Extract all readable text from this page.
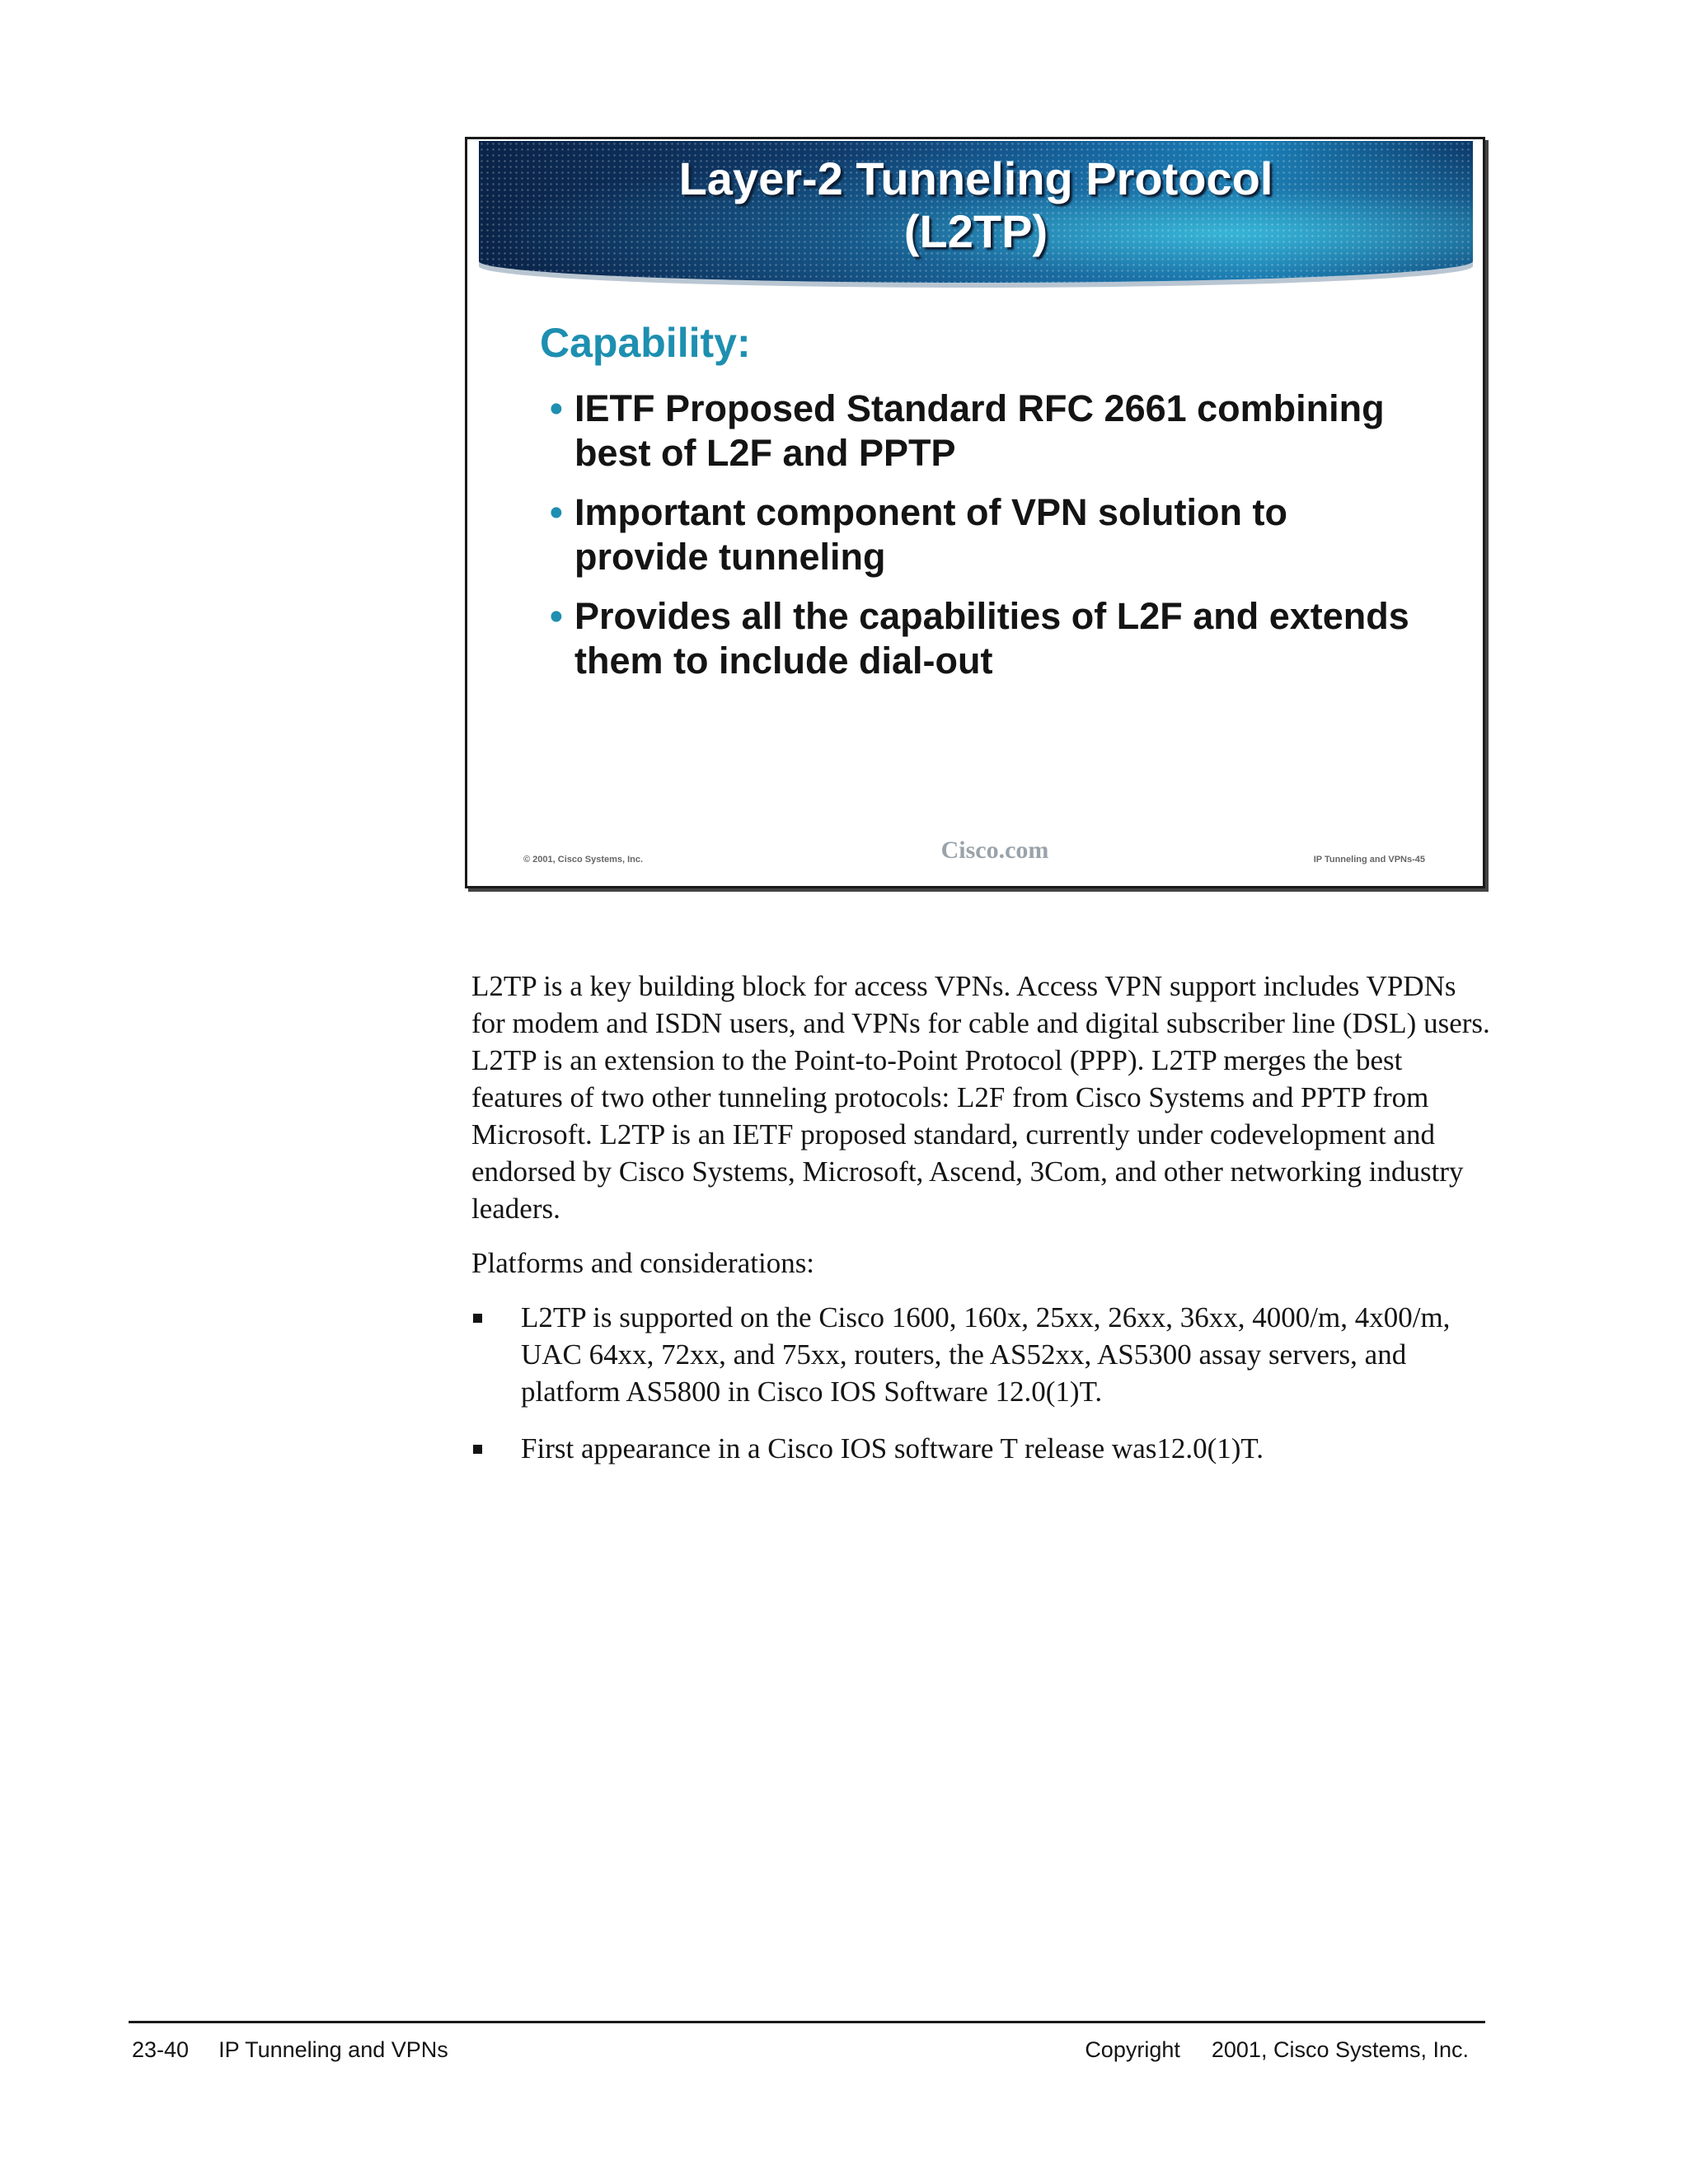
Layer-2 Tunneling Protocol
(L2TP)
Capability:
• IETF Proposed Standard RFC 2661 combining best of L2F and PPTP
• Important component of VPN solution to provide tunneling
• Provides all the capabilities of L2F and extends them to include dial-out
© 2001, Cisco Systems, Inc.	Cisco.com	IP Tunneling and VPNs-45

L2TP is a key building block for access VPNs. Access VPN support includes VPDNs for modem and ISDN users, and VPNs for cable and digital subscriber line (DSL) users. L2TP is an extension to the Point-to-Point Protocol (PPP). L2TP merges the best features of two other tunneling protocols: L2F from Cisco Systems and PPTP from Microsoft. L2TP is an IETF proposed standard, currently under codevelopment and endorsed by Cisco Systems, Microsoft, Ascend, 3Com, and other networking industry leaders.

Platforms and considerations:

L2TP is supported on the Cisco 1600, 160x, 25xx, 26xx, 36xx, 4000/m, 4x00/m, UAC 64xx, 72xx, and 75xx, routers, the AS52xx, AS5300 assay servers, and platform AS5800 in Cisco IOS Software 12.0(1)T.
First appearance in a Cisco IOS software T release was12.0(1)T.
23-40 IP Tunneling and VPNs	Copyright 2001, Cisco Systems, Inc.
